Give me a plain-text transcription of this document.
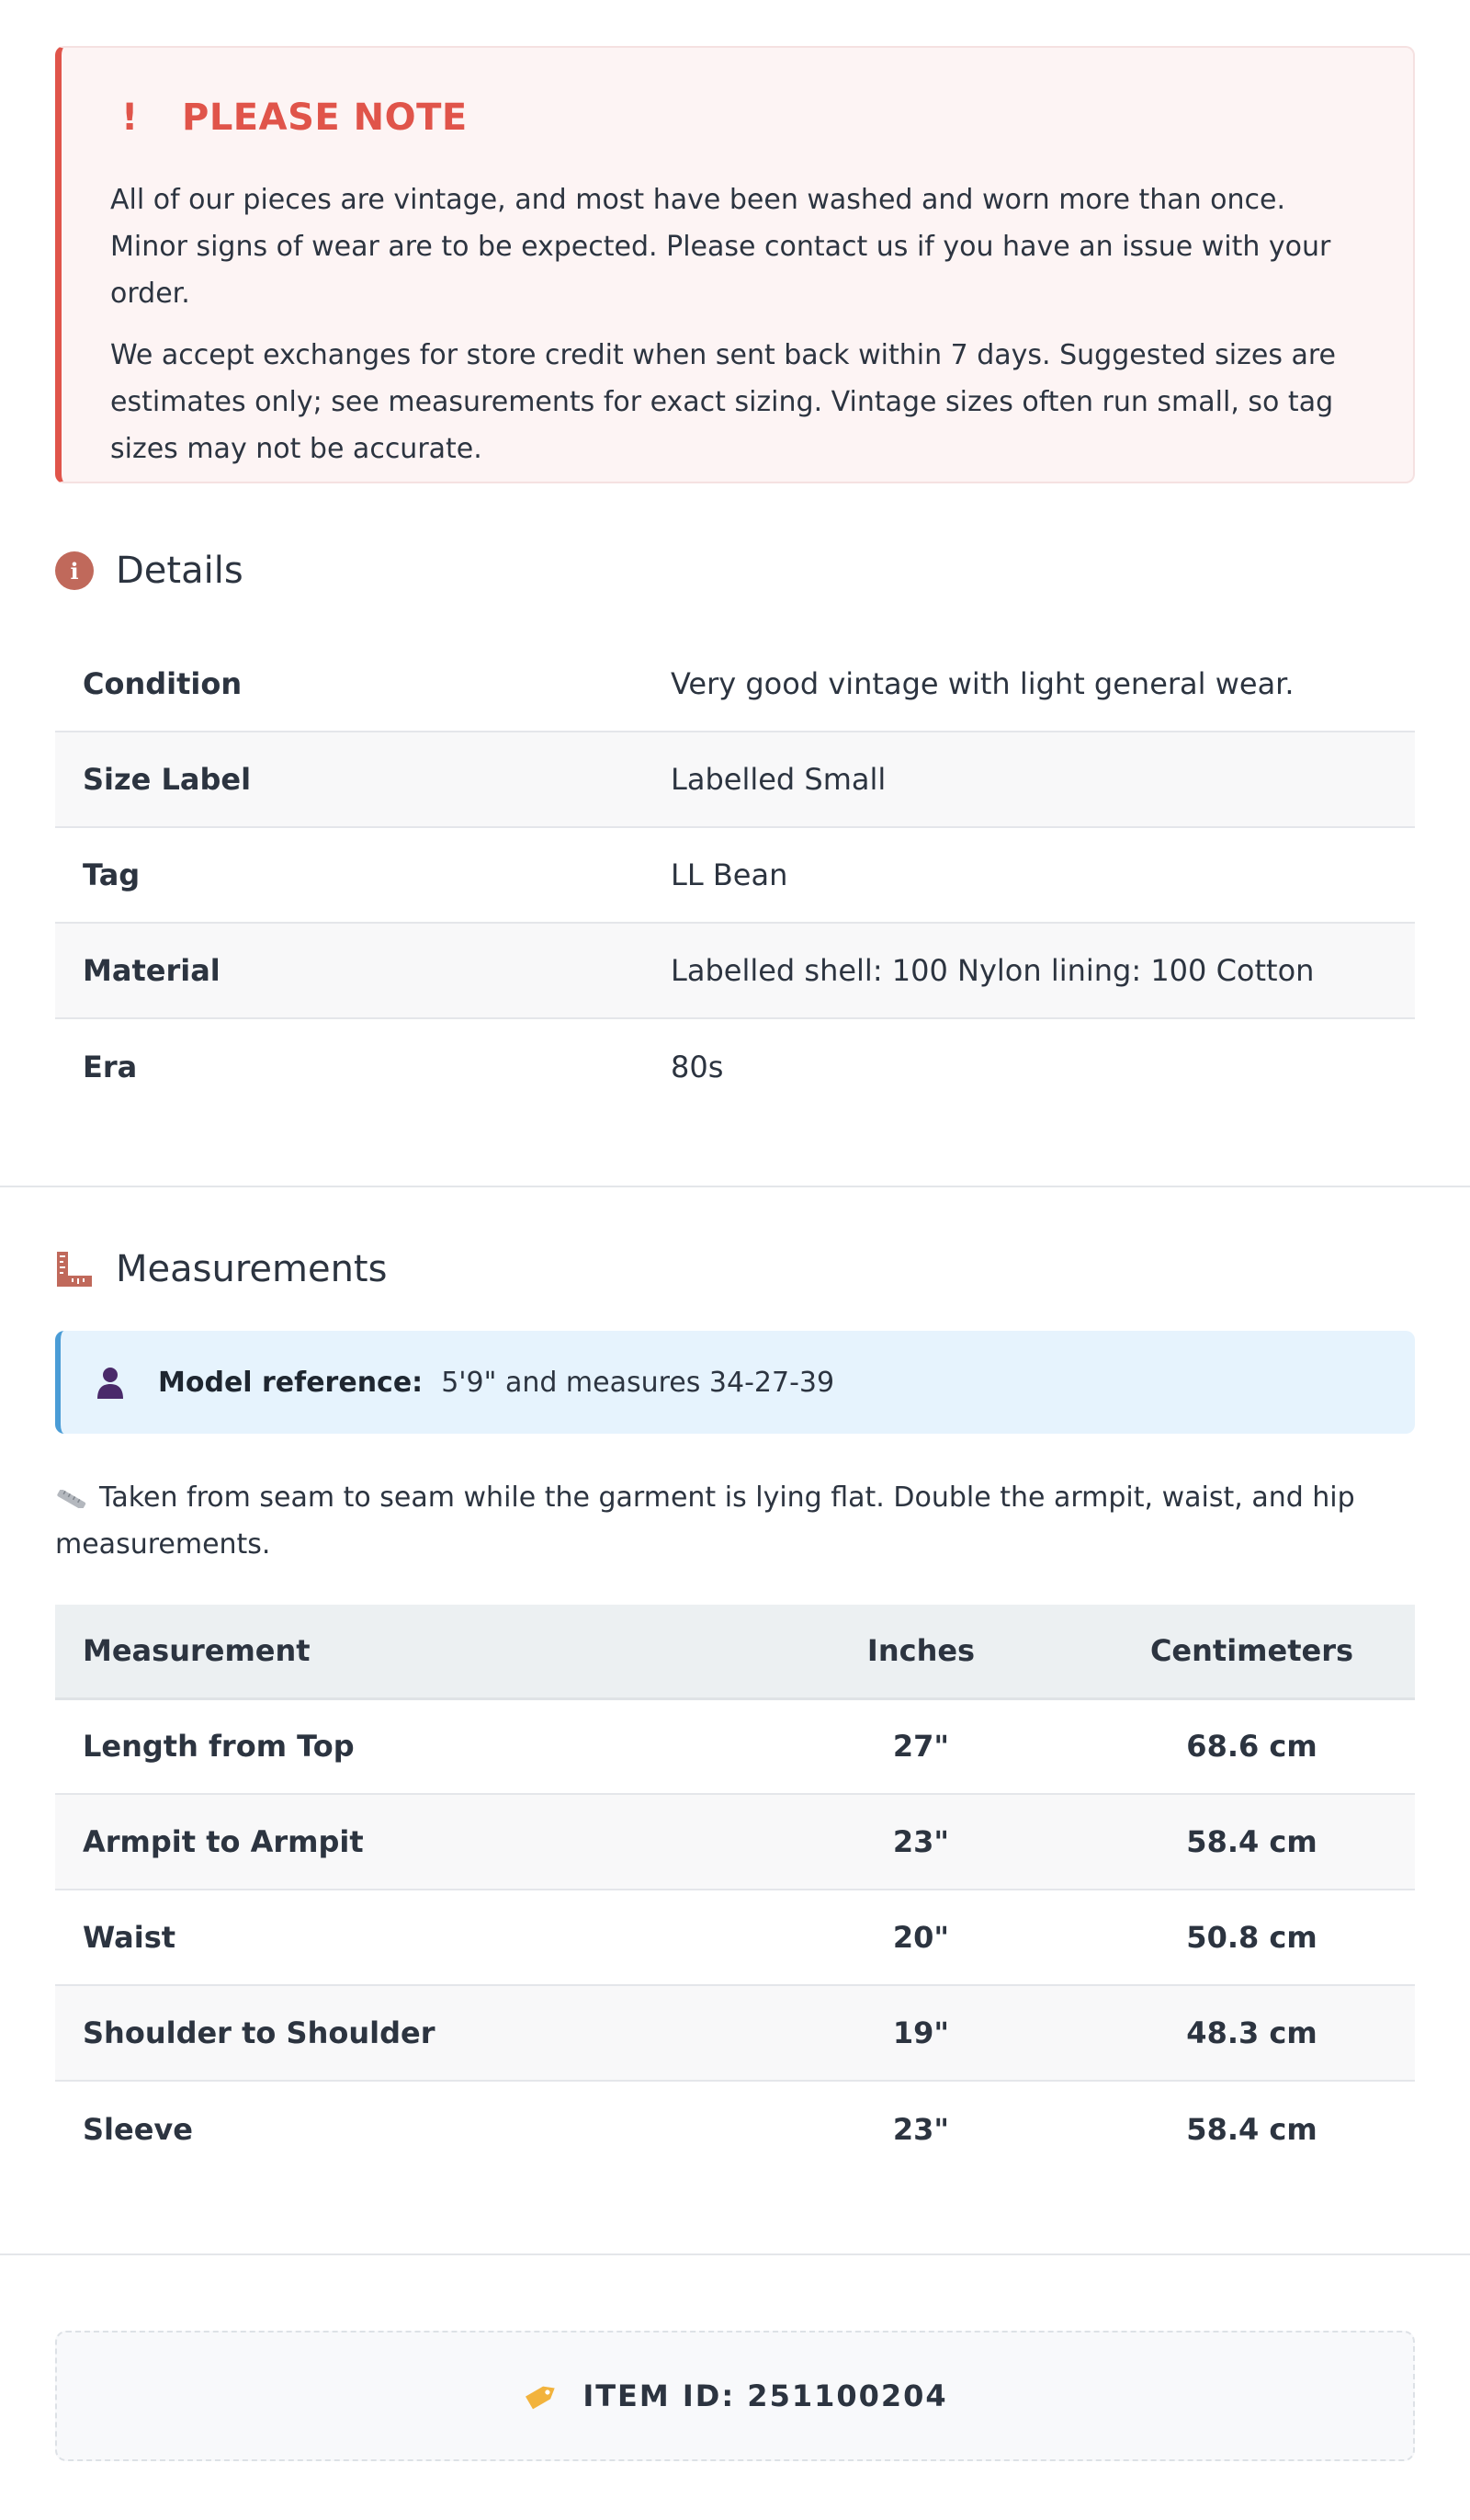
!	PLEASE NOTE

All of our pieces are vintage, and most have been washed and worn more than once. Minor signs of wear are to be expected. Please contact us if you have an issue with your order.

We accept exchanges for store credit when sent back within 7 days. Suggested sizes are estimates only; see measurements for exact sizing. Vintage sizes often run small, so tag sizes may not be accurate.

i	Details
Condition	Very good vintage with light general wear.
Size Label	Labelled Small
Tag	LL Bean
Material	Labelled shell: 100 Nylon lining: 100 Cotton
Era	80s
Measurements
Model reference: 5'9" and measures 34-27-39

Taken from seam to seam while the garment is lying flat. Double the armpit, waist, and hip measurements.

Measurement	Inches	Centimeters
Length from Top	27"	68.6 cm
Armpit to Armpit	23"	58.4 cm
Waist	20"	50.8 cm
Shoulder to Shoulder	19"	48.3 cm
Sleeve	23"	58.4 cm
ITEM ID: 251100204
